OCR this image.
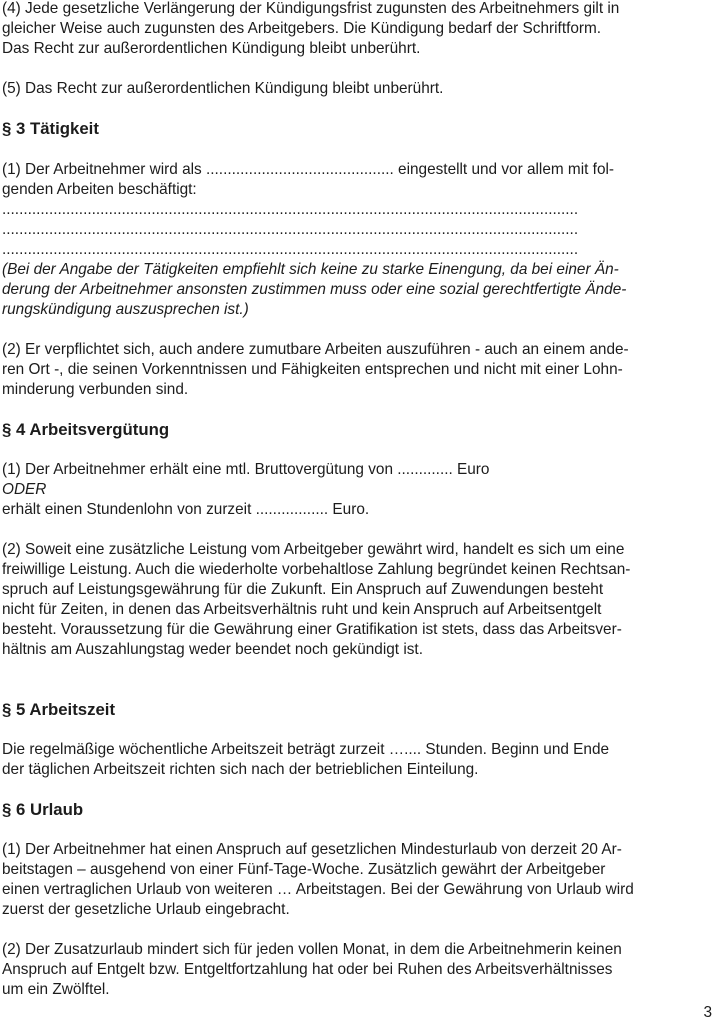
(4) Jede gesetzliche Verlängerung der Kündigungsfrist zugunsten des Arbeitnehmers gilt in
gleicher Weise auch zugunsten des Arbeitgebers. Die Kündigung bedarf der Schriftform.
Das Recht zur außerordentlichen Kündigung bleibt unberührt.

(5) Das Recht zur außerordentlichen Kündigung bleibt unberührt.

§ 3 Tätigkeit

(1) Der Arbeitnehmer wird als ............................................ eingestellt und vor allem mit fol-
genden Arbeiten beschäftigt:
.......................................................................................................................................
.......................................................................................................................................
.......................................................................................................................................

(Bei der Angabe der Tätigkeiten empfiehlt sich keine zu starke Einengung, da bei einer Än-
derung der Arbeitnehmer ansonsten zustimmen muss oder eine sozial gerechtfertigte Ände-
rungskündigung auszusprechen ist.)

(2) Er verpflichtet sich, auch andere zumutbare Arbeiten auszuführen - auch an einem ande-
ren Ort -, die seinen Vorkenntnissen und Fähigkeiten entsprechen und nicht mit einer Lohn-
minderung verbunden sind.

§ 4 Arbeitsvergütung

(1) Der Arbeitnehmer erhält eine mtl. Bruttovergütung von ............. Euro
ODER
erhält einen Stundenlohn von zurzeit ................. Euro.

(2) Soweit eine zusätzliche Leistung vom Arbeitgeber gewährt wird, handelt es sich um eine
freiwillige Leistung. Auch die wiederholte vorbehaltlose Zahlung begründet keinen Rechtsan-
spruch auf Leistungsgewährung für die Zukunft. Ein Anspruch auf Zuwendungen besteht
nicht für Zeiten, in denen das Arbeitsverhältnis ruht und kein Anspruch auf Arbeitsentgelt
besteht. Voraussetzung für die Gewährung einer Gratifikation ist stets, dass das Arbeitsver-
hältnis am Auszahlungstag weder beendet noch gekündigt ist.

§ 5 Arbeitszeit

Die regelmäßige wöchentliche Arbeitszeit beträgt zurzeit ….... Stunden. Beginn und Ende
der täglichen Arbeitszeit richten sich nach der betrieblichen Einteilung.

§ 6 Urlaub

(1) Der Arbeitnehmer hat einen Anspruch auf gesetzlichen Mindesturlaub von derzeit 20 Ar-
beitstagen – ausgehend von einer Fünf-Tage-Woche. Zusätzlich gewährt der Arbeitgeber
einen vertraglichen Urlaub von weiteren … Arbeitstagen. Bei der Gewährung von Urlaub wird
zuerst der gesetzliche Urlaub eingebracht.

(2) Der Zusatzurlaub mindert sich für jeden vollen Monat, in dem die Arbeitnehmerin keinen
Anspruch auf Entgelt bzw. Entgeltfortzahlung hat oder bei Ruhen des Arbeitsverhältnisses
um ein Zwölftel.

3
